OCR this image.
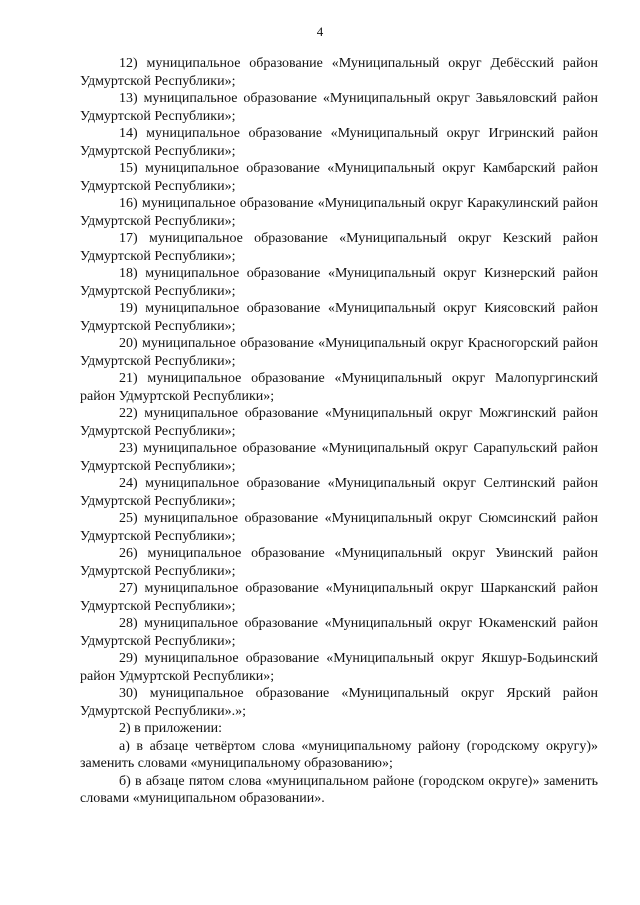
4

12) муниципальное образование «Муниципальный округ Дебёсский район Удмуртской Республики»;

13) муниципальное образование «Муниципальный округ Завьяловский район Удмуртской Республики»;

14) муниципальное образование «Муниципальный округ Игринский район Удмуртской Республики»;

15) муниципальное образование «Муниципальный округ Камбарский район Удмуртской Республики»;

16) муниципальное образование «Муниципальный округ Каракулинский район Удмуртской Республики»;

17) муниципальное образование «Муниципальный округ Кезский район Удмуртской Республики»;

18) муниципальное образование «Муниципальный округ Кизнерский район Удмуртской Республики»;

19) муниципальное образование «Муниципальный округ Киясовский район Удмуртской Республики»;

20) муниципальное образование «Муниципальный округ Красногорский район Удмуртской Республики»;

21) муниципальное образование «Муниципальный округ Малопургинский район Удмуртской Республики»;

22) муниципальное образование «Муниципальный округ Можгинский район Удмуртской Республики»;

23) муниципальное образование «Муниципальный округ Сарапульский район Удмуртской Республики»;

24) муниципальное образование «Муниципальный округ Селтинский район Удмуртской Республики»;

25) муниципальное образование «Муниципальный округ Сюмсинский район Удмуртской Республики»;

26) муниципальное образование «Муниципальный округ Увинский район Удмуртской Республики»;

27) муниципальное образование «Муниципальный округ Шарканский район Удмуртской Республики»;

28) муниципальное образование «Муниципальный округ Юкаменский район Удмуртской Республики»;

29) муниципальное образование «Муниципальный округ Якшур-Бодьинский район Удмуртской Республики»;

30) муниципальное образование «Муниципальный округ Ярский район Удмуртской Республики».»;

2) в приложении:

а) в абзаце четвёртом слова «муниципальному району (городскому округу)» заменить словами «муниципальному образованию»;

б) в абзаце пятом слова «муниципальном районе (городском округе)» заменить словами «муниципальном образовании».
